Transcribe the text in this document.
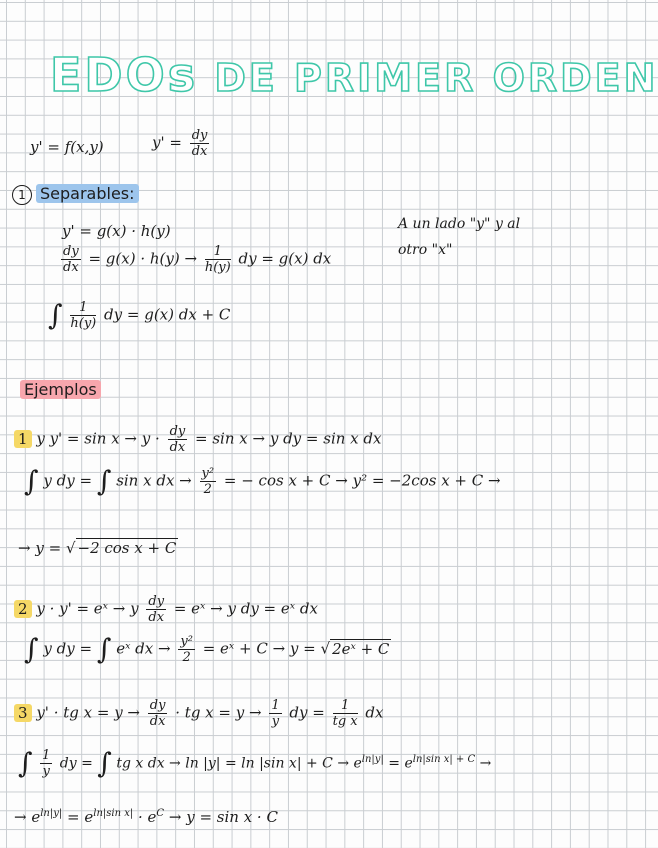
EDOs DE PRIMER ORDEN
y' = f(x,y)	$y' = \frac{dy}{dx}$
1 Separables:
y' = g(x) · h(y)
$\frac{dy}{dx} = g(x) \cdot h(y) \to \frac{1}{h(y)}$ dy = g(x) dx
∫ $\frac{1}{h(y)}$ dy = g(x) dx + C
A un lado "y" y al
otro "x"
Ejemplos
1 y $y' = \sin x \to y \cdot \frac{dy}{dx} = \sin x \to y$ dy = sin x dx
∫ y dy = ∫ sin x dx → $\frac{\text{y²}}{2}$ = − cos x + C → y² = −2cos x + C →
→ y = √ −2 cos x + C
2 y · y' = eˣ → y $\frac{dy}{dx}$ = eˣ → y dy = eˣ dx
∫ y dy = ∫ eˣ dx → $\frac{\text{y²}}{2}$ = eˣ + C → y = √ 2eˣ + C
3 y' · tg $x = y \to \frac{dy}{dx}$ · tg $x = y \to \frac{1}{y}$ dy = $\frac{1}{\text{tg x}}$ dx
∫ $\frac{1}{y}$ dy = ∫ tg x dx → ln |y| = ln |sin $x| + C \to e^{ln|y|} = e^{ln|sin x| + C}$ →
→ $e^{ln|y|} = e^{ln|sin x|} \cdot e^C \to y = \sin x \cdot C$
